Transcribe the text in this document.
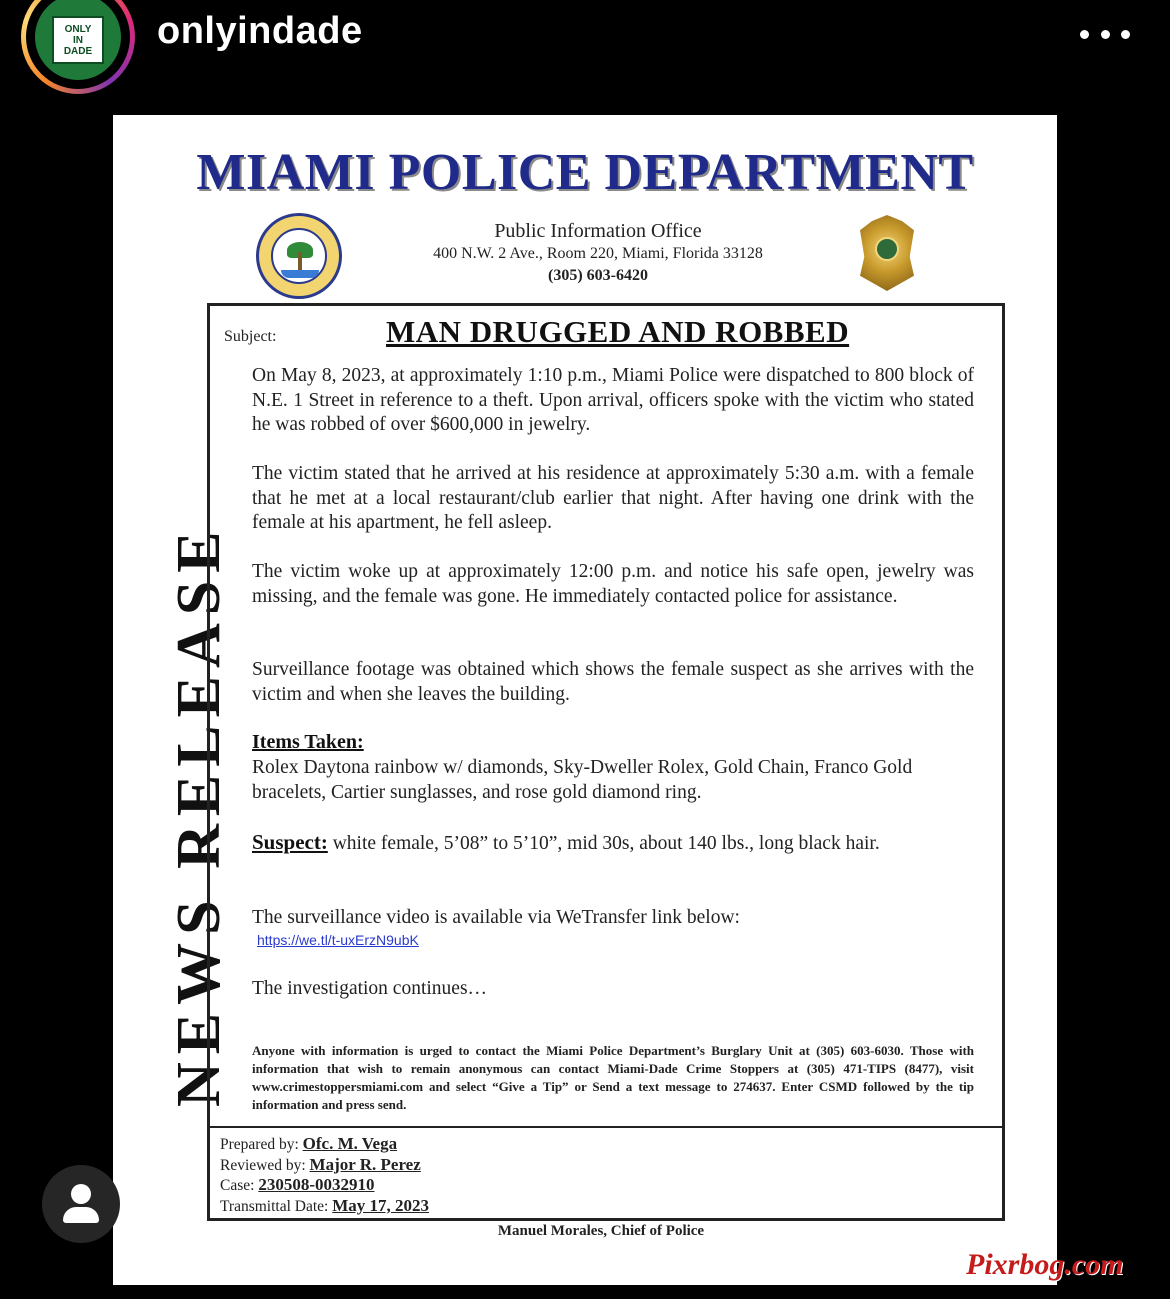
ONLY
IN
DADE onlyindade
MIAMI POLICE DEPARTMENT
Public Information Office
400 N.W. 2 Ave., Room 220, Miami, Florida 33128
(305) 603-6420
NEWS RELEASE
Subject:	MAN DRUGGED AND ROBBED
On May 8, 2023, at approximately 1:10 p.m., Miami Police were dispatched to 800 block of N.E. 1 Street in reference to a theft. Upon arrival, officers spoke with the victim who stated he was robbed of over $600,000 in jewelry.
The victim stated that he arrived at his residence at approximately 5:30 a.m. with a female that he met at a local restaurant/club earlier that night. After having one drink with the female at his apartment, he fell asleep.
The victim woke up at approximately 12:00 p.m. and notice his safe open, jewelry was missing, and the female was gone. He immediately contacted police for assistance.
Surveillance footage was obtained which shows the female suspect as she arrives with the victim and when she leaves the building.
Items Taken:
Rolex Daytona rainbow w/ diamonds, Sky-Dweller Rolex, Gold Chain, Franco Gold bracelets, Cartier sunglasses, and rose gold diamond ring.
Suspect: white female, 5’08” to 5’10”, mid 30s, about 140 lbs., long black hair.
The surveillance video is available via WeTransfer link below:
https://we.tl/t-uxErzN9ubK
The investigation continues…
Anyone with information is urged to contact the Miami Police Department’s Burglary Unit at (305) 603-6030. Those with information that wish to remain anonymous can contact Miami-Dade Crime Stoppers at (305) 471-TIPS (8477), visit www.crimestoppersmiami.com and select “Give a Tip” or Send a text message to 274637. Enter CSMD followed by the tip information and press send.
Prepared by: Ofc. M. Vega
Reviewed by: Major R. Perez
Case: 230508-0032910
Transmittal Date: May 17, 2023
Manuel Morales, Chief of Police
Pixrbog.com
